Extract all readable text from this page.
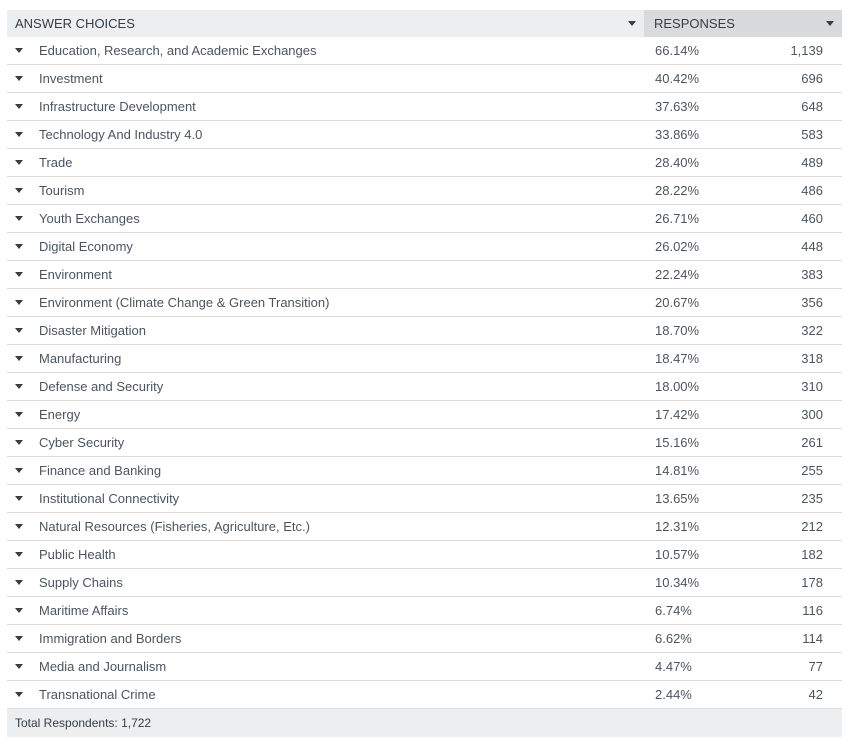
ANSWER CHOICES	RESPONSES
Education, Research, and Academic Exchanges	66.14%	1,139
Investment	40.42%	696
Infrastructure Development	37.63%	648
Technology And Industry 4.0	33.86%	583
Trade	28.40%	489
Tourism	28.22%	486
Youth Exchanges	26.71%	460
Digital Economy	26.02%	448
Environment	22.24%	383
Environment (Climate Change & Green Transition)	20.67%	356
Disaster Mitigation	18.70%	322
Manufacturing	18.47%	318
Defense and Security	18.00%	310
Energy	17.42%	300
Cyber Security	15.16%	261
Finance and Banking	14.81%	255
Institutional Connectivity	13.65%	235
Natural Resources (Fisheries, Agriculture, Etc.)	12.31%	212
Public Health	10.57%	182
Supply Chains	10.34%	178
Maritime Affairs	6.74%	116
Immigration and Borders	6.62%	114
Media and Journalism	4.47%	77
Transnational Crime	2.44%	42
Total Respondents: 1,722
